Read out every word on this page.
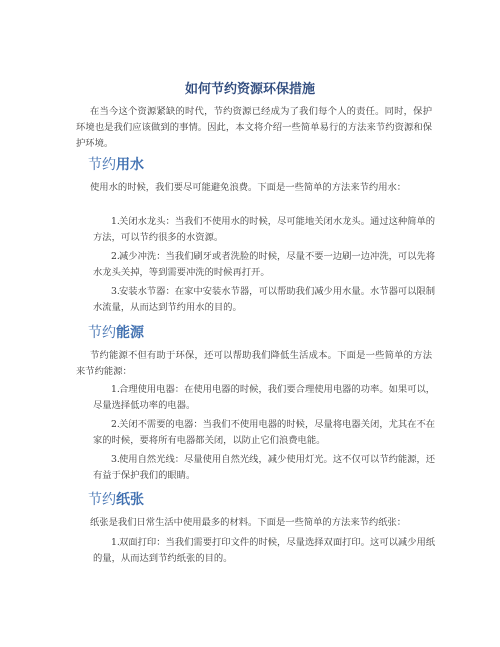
如何节约资源环保措施

在当今这个资源紧缺的时代，节约资源已经成为了我们每个人的责任。同时，保护环境也是我们应该做到的事情。因此，本文将介绍一些简单易行的方法来节约资源和保护环境。

节约用水

使用水的时候，我们要尽可能避免浪费。下面是一些简单的方法来节约用水：

1.关闭水龙头：当我们不使用水的时候，尽可能地关闭水龙头。通过这种简单的方法，可以节约很多的水资源。

2.减少冲洗：当我们刷牙或者洗脸的时候，尽量不要一边刷一边冲洗，可以先将水龙头关掉，等到需要冲洗的时候再打开。

3.安装水节器：在家中安装水节器，可以帮助我们减少用水量。水节器可以限制水流量，从而达到节约用水的目的。

节约能源

节约能源不但有助于环保，还可以帮助我们降低生活成本。下面是一些简单的方法来节约能源：

1.合理使用电器：在使用电器的时候，我们要合理使用电器的功率。如果可以，尽量选择低功率的电器。

2.关闭不需要的电器：当我们不使用电器的时候，尽量将电器关闭，尤其在不在家的时候，要将所有电器都关闭，以防止它们浪费电能。

3.使用自然光线：尽量使用自然光线，减少使用灯光。这不仅可以节约能源，还有益于保护我们的眼睛。

节约纸张

纸张是我们日常生活中使用最多的材料。下面是一些简单的方法来节约纸张：

1.双面打印：当我们需要打印文件的时候，尽量选择双面打印。这可以减少用纸的量，从而达到节约纸张的目的。
